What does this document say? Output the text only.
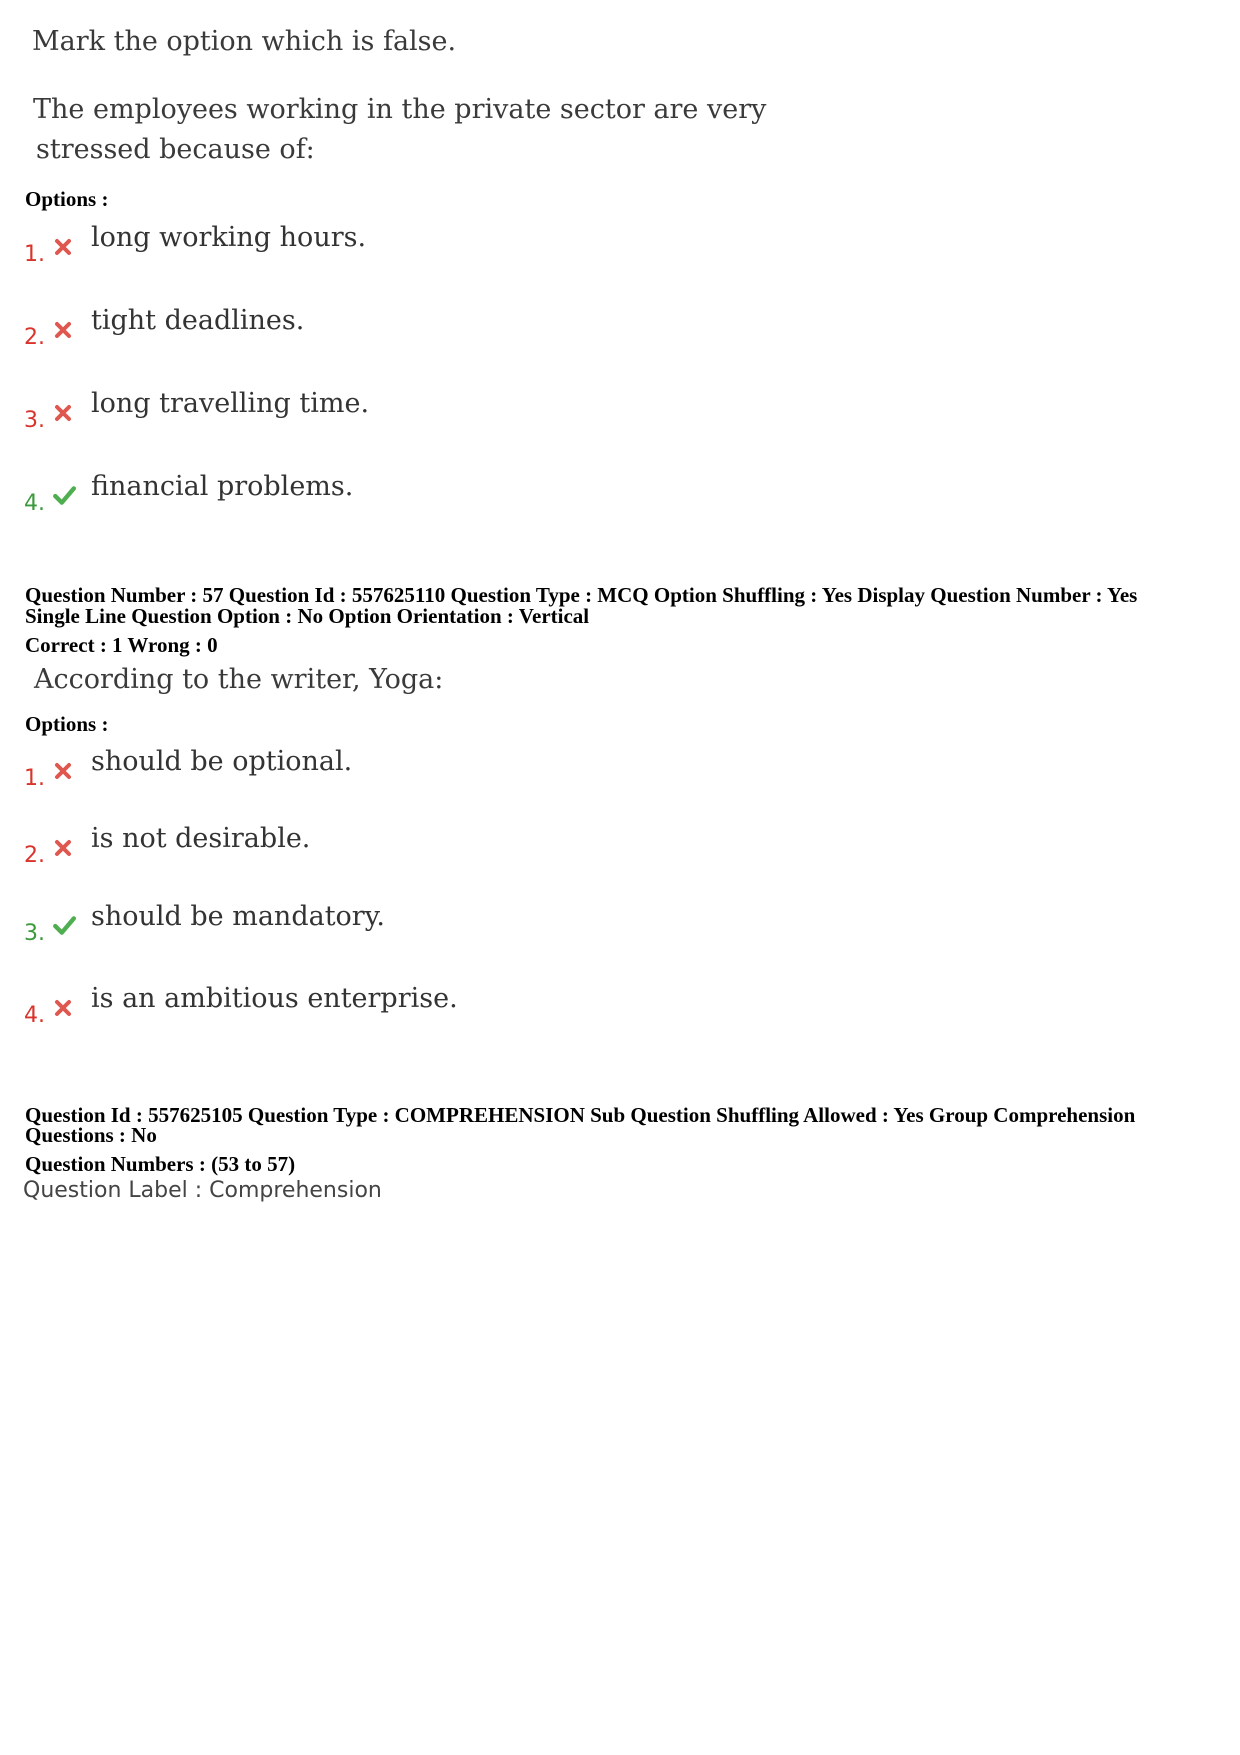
Mark the option which is false.
The employees working in the private sector are very
stressed because of:
Options :
1.
long working hours.
2.
tight deadlines.
3.
long travelling time.
4.
financial problems.
Question Number : 57 Question Id : 557625110 Question Type : MCQ Option Shuffling : Yes Display Question Number : Yes
Single Line Question Option : No Option Orientation : Vertical
Correct : 1 Wrong : 0
According to the writer, Yoga:
Options :
1.
should be optional.
2.
is not desirable.
3.
should be mandatory.
4.
is an ambitious enterprise.
Question Id : 557625105 Question Type : COMPREHENSION Sub Question Shuffling Allowed : Yes Group Comprehension
Questions : No
Question Numbers : (53 to 57)
Question Label : Comprehension
